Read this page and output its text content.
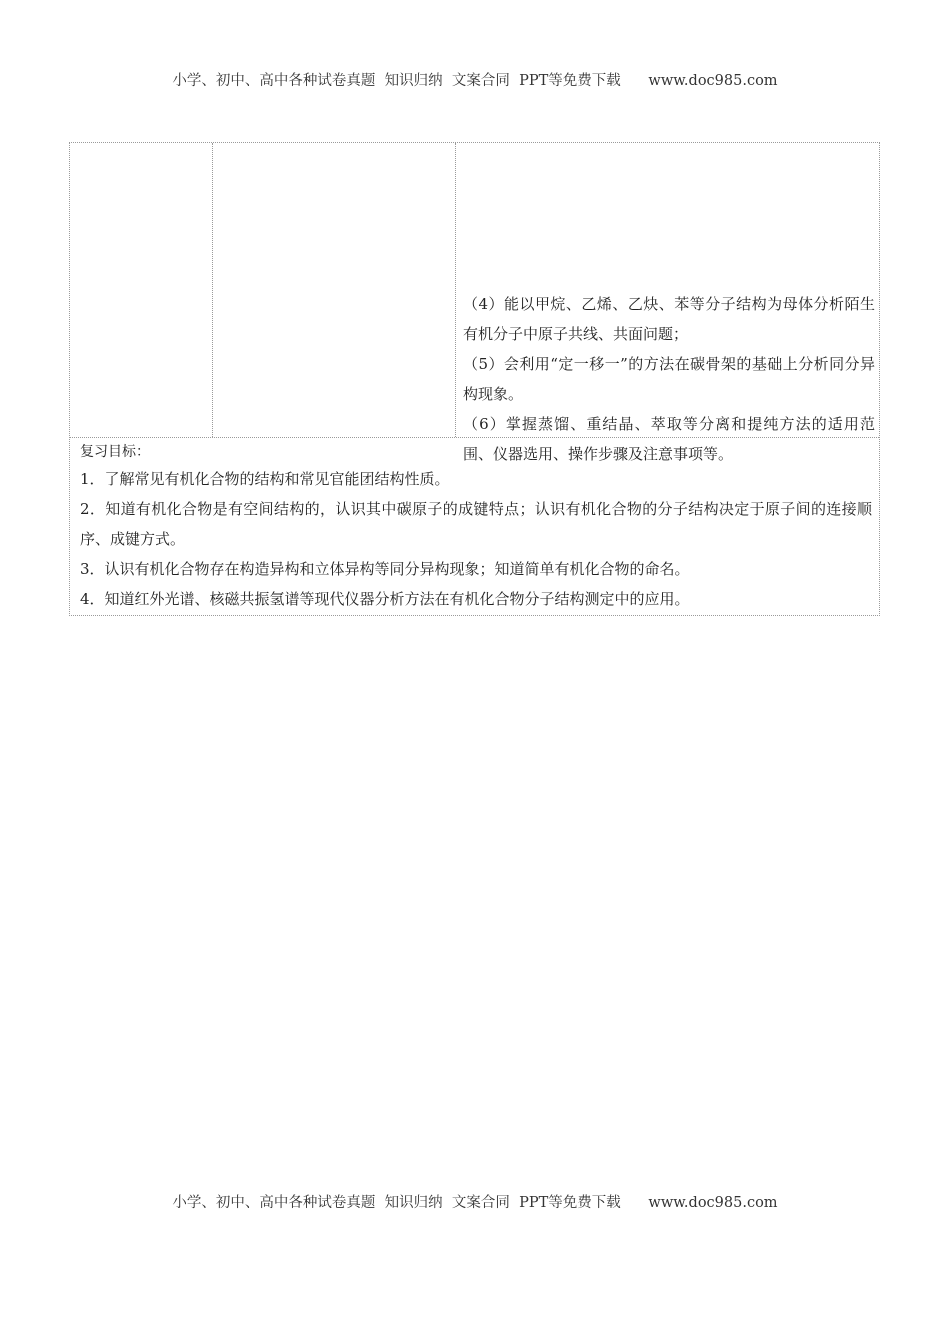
小学、初中、高中各种试卷真题  知识归纳  文案合同  PPT等免费下载      www.doc985.com

（4）能以甲烷、乙烯、乙炔、苯等分子结构为母体分析陌生有机分子中原子共线、共面问题；

（5）会利用“定一移一”的方法在碳骨架的基础上分析同分异构现象。

（6）掌握蒸馏、重结晶、萃取等分离和提纯方法的适用范围、仪器选用、操作步骤及注意事项等。

复习目标：

1．了解常见有机化合物的结构和常见官能团结构性质。

2．知道有机化合物是有空间结构的，认识其中碳原子的成键特点；认识有机化合物的分子结构决定于原子间的连接顺序、成键方式。

3．认识有机化合物存在构造异构和立体异构等同分异构现象；知道简单有机化合物的命名。

4．知道红外光谱、核磁共振氢谱等现代仪器分析方法在有机化合物分子结构测定中的应用。

小学、初中、高中各种试卷真题  知识归纳  文案合同  PPT等免费下载      www.doc985.com
